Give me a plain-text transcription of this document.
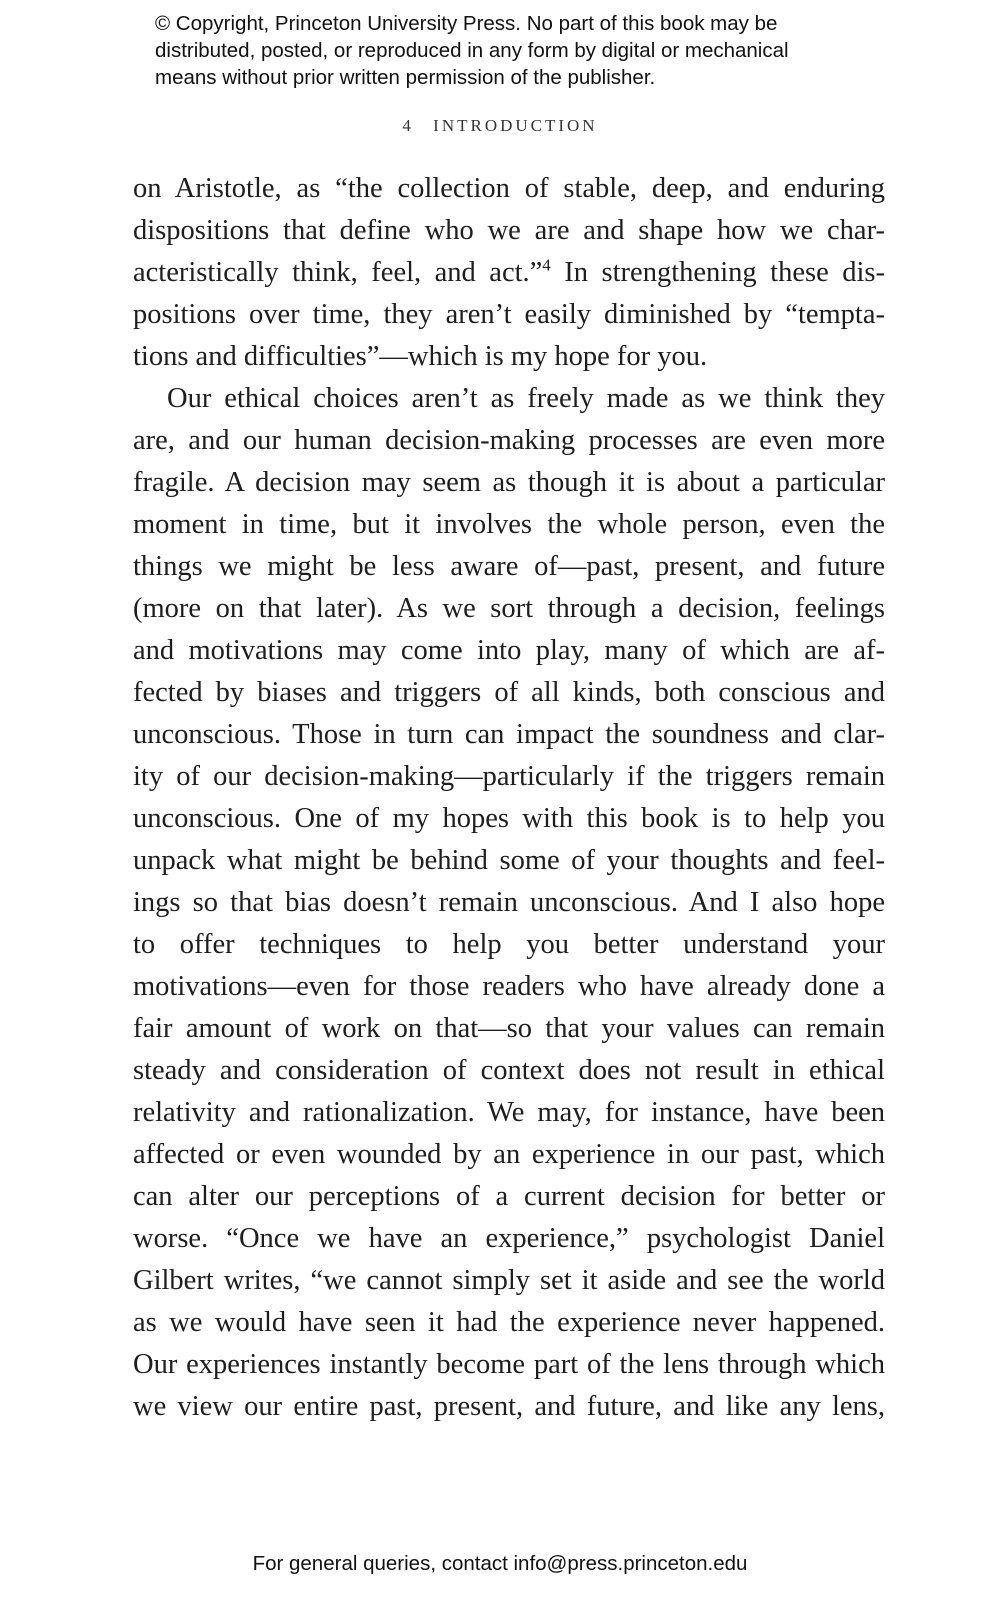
© Copyright, Princeton University Press. No part of this book may be
distributed, posted, or reproduced in any form by digital or mechanical
means without prior written permission of the publisher.
4 INTRODUCTION
on Aristotle, as “the collection of stable, deep, and enduring
dispositions that define who we are and shape how we char-
acteristically think, feel, and act.”$^4$ In strengthening these dis-
positions over time, they aren’t easily diminished by “tempta-
tions and difficulties”—which is my hope for you.
Our ethical choices aren’t as freely made as we think they
are, and our human decision-making processes are even more
fragile. A decision may seem as though it is about a particular
moment in time, but it involves the whole person, even the
things we might be less aware of—past, present, and future
(more on that later). As we sort through a decision, feelings
and motivations may come into play, many of which are af-
fected by biases and triggers of all kinds, both conscious and
unconscious. Those in turn can impact the soundness and clar-
ity of our decision-making—particularly if the triggers remain
unconscious. One of my hopes with this book is to help you
unpack what might be behind some of your thoughts and feel-
ings so that bias doesn’t remain unconscious. And I also hope
to offer techniques to help you better understand your
motivations—even for those readers who have already done a
fair amount of work on that—so that your values can remain
steady and consideration of context does not result in ethical
relativity and rationalization. We may, for instance, have been
affected or even wounded by an experience in our past, which
can alter our perceptions of a current decision for better or
worse. “Once we have an experience,” psychologist Daniel
Gilbert writes, “we cannot simply set it aside and see the world
as we would have seen it had the experience never happened.
Our experiences instantly become part of the lens through which
we view our entire past, present, and future, and like any lens,
For general queries, contact info@press.princeton.edu
